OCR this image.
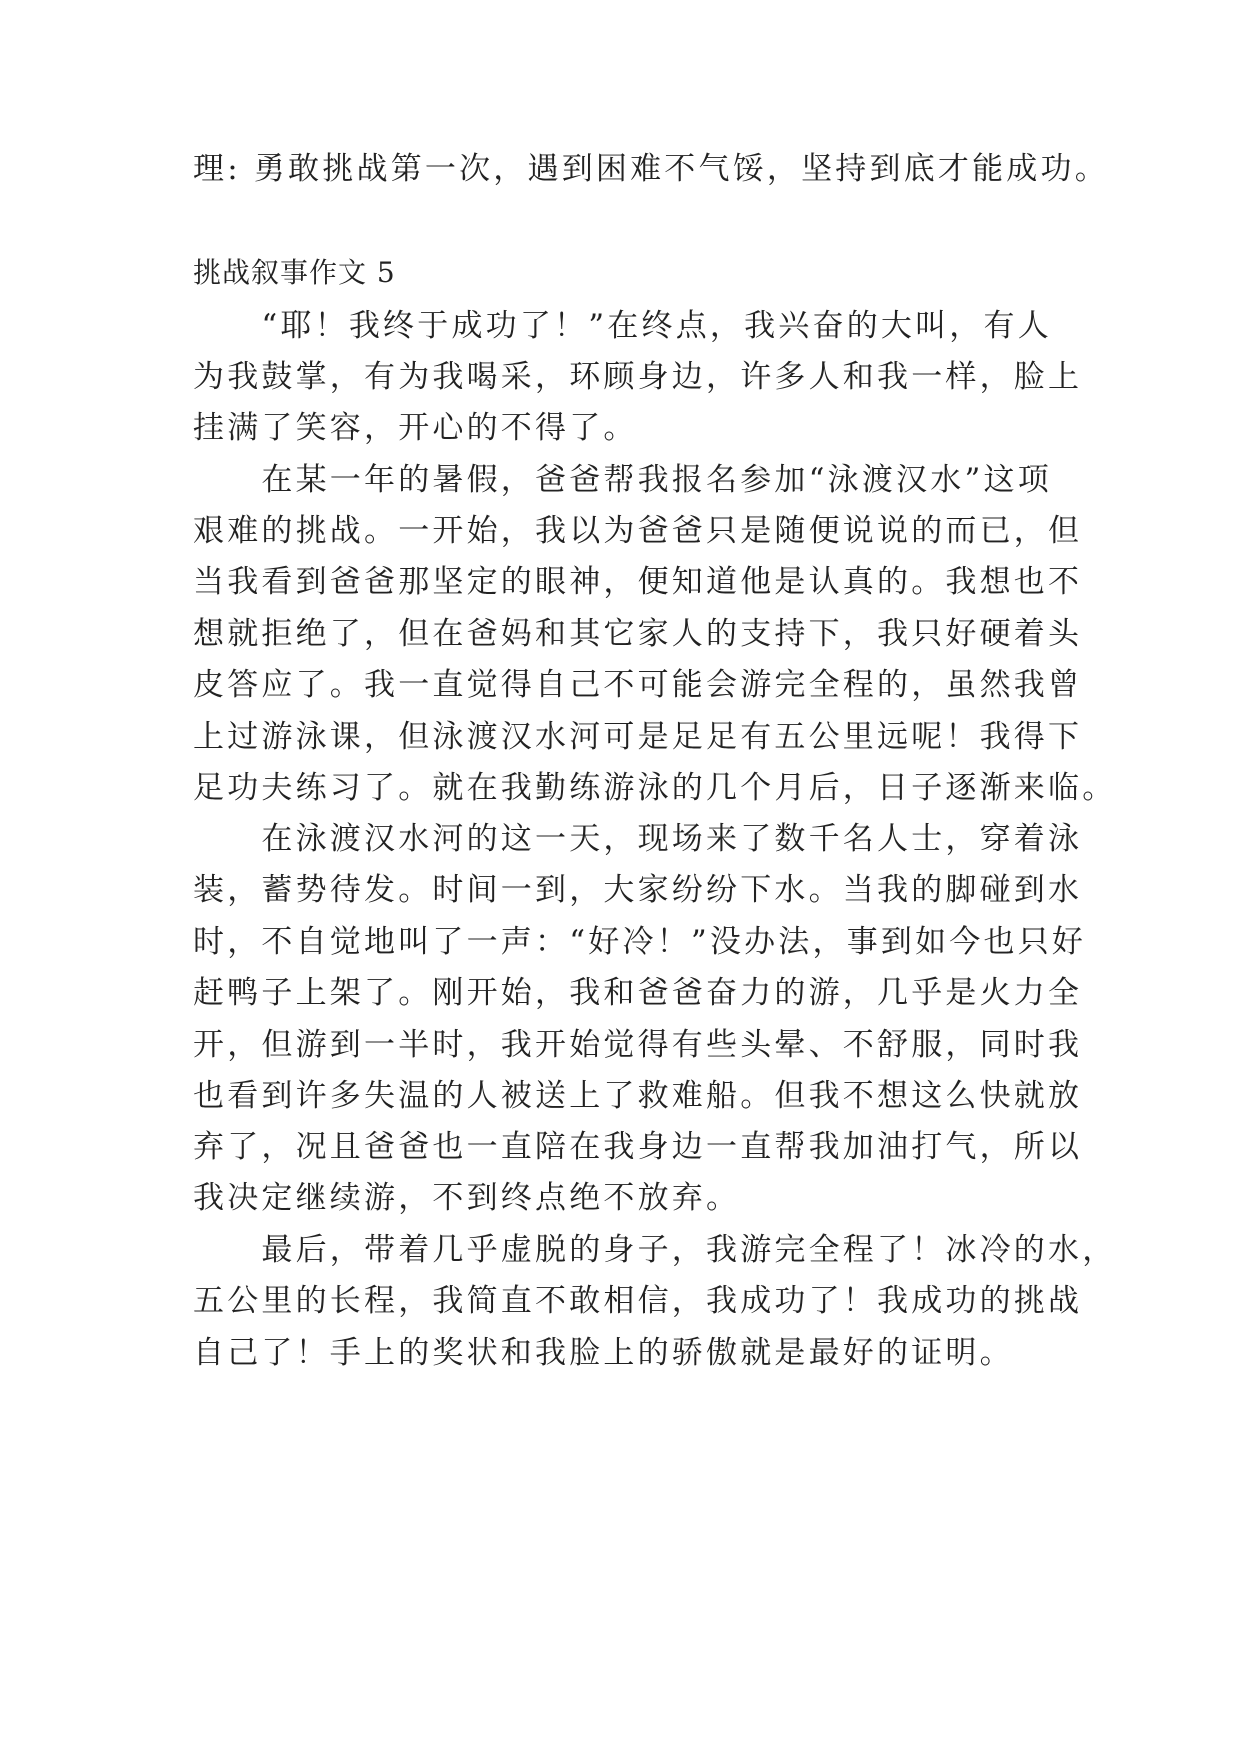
理: 勇敢挑战第一次，遇到困难不气馁，坚持到底才能成功。
挑战叙事作文 5
　　“耶！我终于成功了！”在终点，我兴奋的大叫，有人
为我鼓掌，有为我喝采，环顾身边，许多人和我一样，脸上
挂满了笑容，开心的不得了。
　　在某一年的暑假，爸爸帮我报名参加“泳渡汉水”这项
艰难的挑战。一开始，我以为爸爸只是随便说说的而已，但
当我看到爸爸那坚定的眼神，便知道他是认真的。我想也不
想就拒绝了，但在爸妈和其它家人的支持下，我只好硬着头
皮答应了。我一直觉得自己不可能会游完全程的，虽然我曾
上过游泳课，但泳渡汉水河可是足足有五公里远呢！我得下
足功夫练习了。就在我勤练游泳的几个月后，日子逐渐来临。
　　在泳渡汉水河的这一天，现场来了数千名人士，穿着泳
装，蓄势待发。时间一到，大家纷纷下水。当我的脚碰到水
时，不自觉地叫了一声：“好冷！”没办法，事到如今也只好
赶鸭子上架了。刚开始，我和爸爸奋力的游，几乎是火力全
开，但游到一半时，我开始觉得有些头晕、不舒服，同时我
也看到许多失温的人被送上了救难船。但我不想这么快就放
弃了，况且爸爸也一直陪在我身边一直帮我加油打气，所以
我决定继续游，不到终点绝不放弃。
　　最后，带着几乎虚脱的身子，我游完全程了！冰冷的水，
五公里的长程，我简直不敢相信，我成功了！我成功的挑战
自己了！手上的奖状和我脸上的骄傲就是最好的证明。
